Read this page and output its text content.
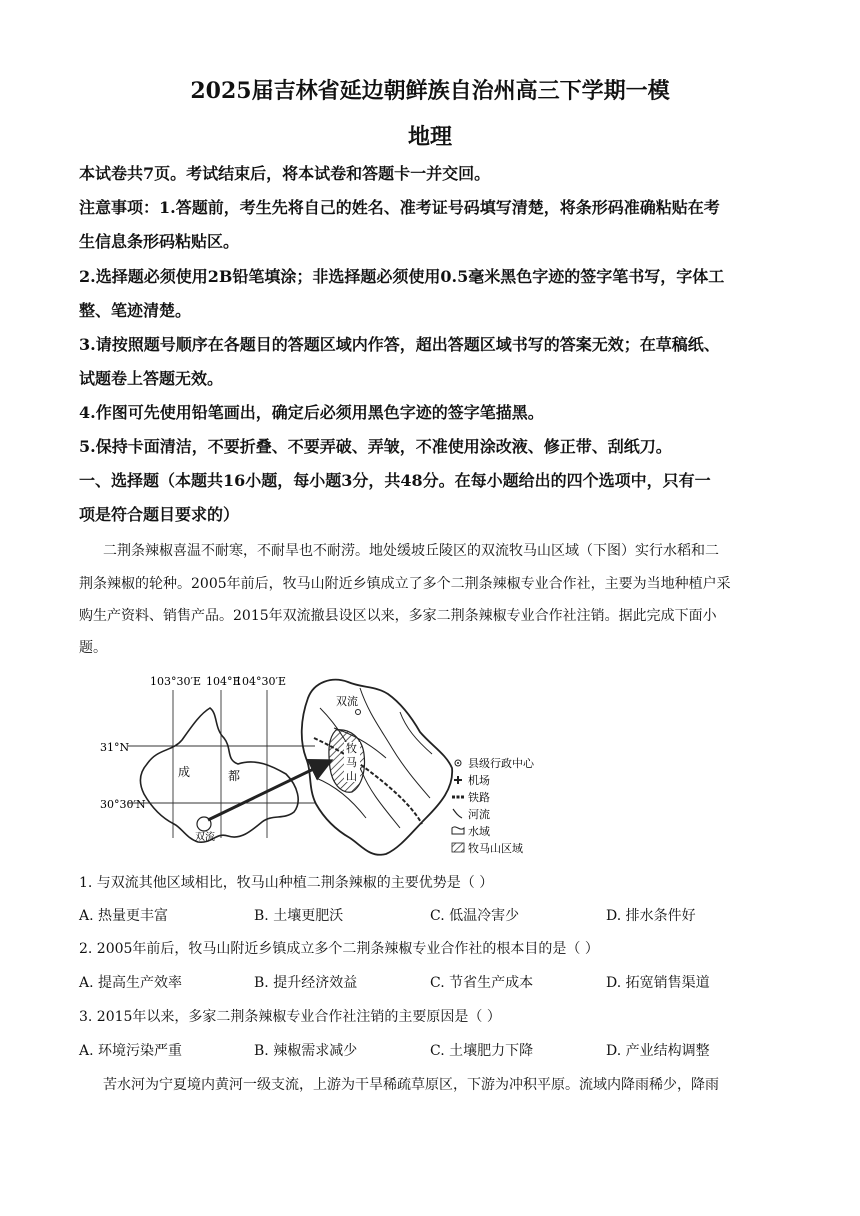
2025届吉林省延边朝鲜族自治州高三下学期一模
地理
本试卷共7页。考试结束后，将本试卷和答题卡一并交回。
注意事项：1.答题前，考生先将自己的姓名、准考证号码填写清楚，将条形码准确粘贴在考
生信息条形码粘贴区。
2.选择题必须使用2B铅笔填涂；非选择题必须使用0.5毫米黑色字迹的签字笔书写，字体工
整、笔迹清楚。
3.请按照题号顺序在各题目的答题区域内作答，超出答题区域书写的答案无效；在草稿纸、
试题卷上答题无效。
4.作图可先使用铅笔画出，确定后必须用黑色字迹的签字笔描黑。
5.保持卡面清洁，不要折叠、不要弄破、弄皱，不准使用涂改液、修正带、刮纸刀。
一、选择题（本题共16小题，每小题3分，共48分。在每小题给出的四个选项中，只有一
项是符合题目要求的）
二荆条辣椒喜温不耐寒，不耐旱也不耐涝。地处缓坡丘陵区的双流牧马山区域（下图）实行水稻和二
荆条辣椒的轮种。2005年前后，牧马山附近乡镇成立了多个二荆条辣椒专业合作社，主要为当地种植户采
购生产资料、销售产品。2015年双流撤县设区以来，多家二荆条辣椒专业合作社注销。据此完成下面小
题。
103°30′E 104°E
104°30′E
31°N
30°30′N
成	都
双流
牧
马
山
双流
县级行政中心
机场
铁路
河流
水域
牧马山区域
1. 与双流其他区域相比，牧马山种植二荆条辣椒的主要优势是（ ）
A. 热量更丰富	B. 土壤更肥沃	C. 低温冷害少	D. 排水条件好
2. 2005年前后，牧马山附近乡镇成立多个二荆条辣椒专业合作社的根本目的是（ ）
A. 提高生产效率	B. 提升经济效益	C. 节省生产成本	D. 拓宽销售渠道
3. 2015年以来，多家二荆条辣椒专业合作社注销的主要原因是（ ）
A. 环境污染严重	B. 辣椒需求减少	C. 土壤肥力下降	D. 产业结构调整
苦水河为宁夏境内黄河一级支流，上游为干旱稀疏草原区，下游为冲积平原。流域内降雨稀少，降雨
